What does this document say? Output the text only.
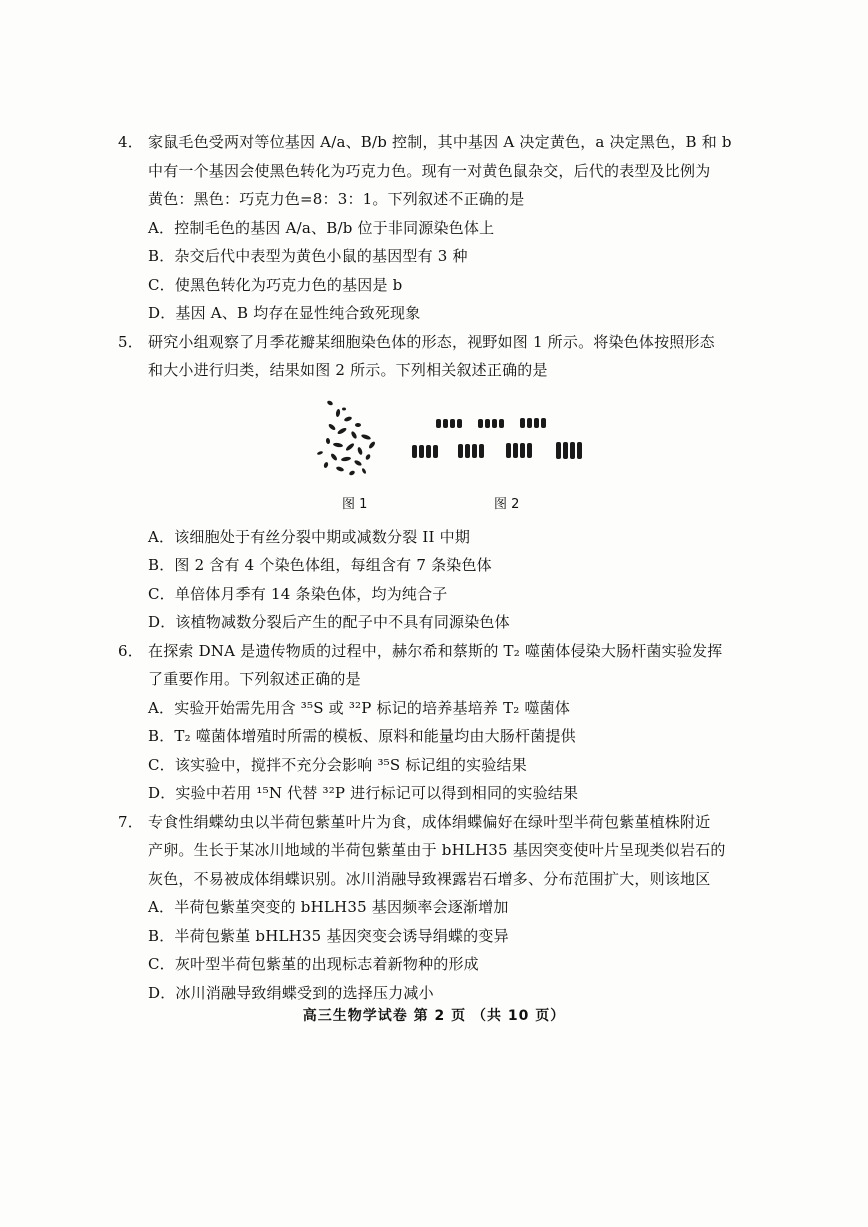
4． 家鼠毛色受两对等位基因 A/a、B/b 控制，其中基因 A 决定黄色，a 决定黑色，B 和 b
中有一个基因会使黑色转化为巧克力色。现有一对黄色鼠杂交，后代的表型及比例为
黄色：黑色：巧克力色=8：3：1。下列叙述不正确的是
A．控制毛色的基因 A/a、B/b 位于非同源染色体上
B．杂交后代中表型为黄色小鼠的基因型有 3 种
C．使黑色转化为巧克力色的基因是 b
D．基因 A、B 均存在显性纯合致死现象
5． 研究小组观察了月季花瓣某细胞染色体的形态，视野如图 1 所示。将染色体按照形态
和大小进行归类，结果如图 2 所示。下列相关叙述正确的是
图 1	图 2
A．该细胞处于有丝分裂中期或减数分裂 II 中期
B．图 2 含有 4 个染色体组，每组含有 7 条染色体
C．单倍体月季有 14 条染色体，均为纯合子
D．该植物减数分裂后产生的配子中不具有同源染色体
6． 在探索 DNA 是遗传物质的过程中，赫尔希和蔡斯的 T₂ 噬菌体侵染大肠杆菌实验发挥
了重要作用。下列叙述正确的是
A．实验开始需先用含 ³⁵S 或 ³²P 标记的培养基培养 T₂ 噬菌体
B．T₂ 噬菌体增殖时所需的模板、原料和能量均由大肠杆菌提供
C．该实验中，搅拌不充分会影响 ³⁵S 标记组的实验结果
D．实验中若用 ¹⁵N 代替 ³²P 进行标记可以得到相同的实验结果
7． 专食性绢蝶幼虫以半荷包紫堇叶片为食，成体绢蝶偏好在绿叶型半荷包紫堇植株附近
产卵。生长于某冰川地域的半荷包紫堇由于 bHLH35 基因突变使叶片呈现类似岩石的
灰色，不易被成体绢蝶识别。冰川消融导致裸露岩石增多、分布范围扩大，则该地区
A．半荷包紫堇突变的 bHLH35 基因频率会逐渐增加
B．半荷包紫堇 bHLH35 基因突变会诱导绢蝶的变异
C．灰叶型半荷包紫堇的出现标志着新物种的形成
D．冰川消融导致绢蝶受到的选择压力减小
高三生物学试卷 第 2 页 （共 10 页）
